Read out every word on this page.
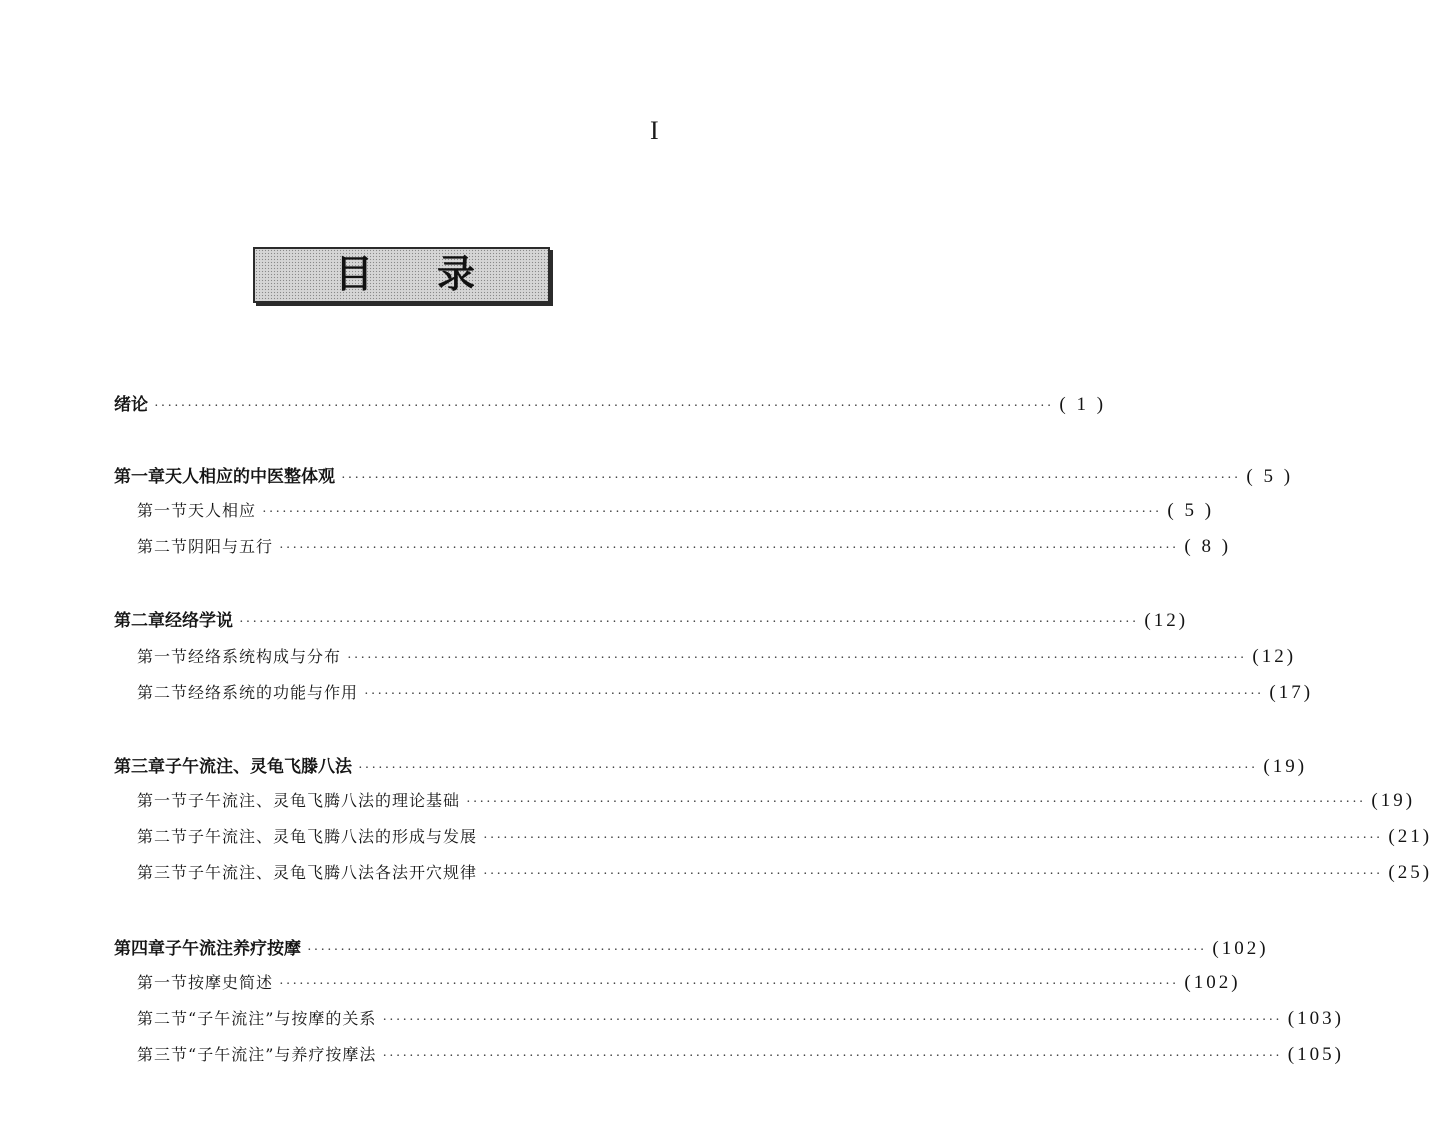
I
目 录
绪论 ······································································································································· ( 1 )
第一章 天人相应的中医整体观 ······································································································································· ( 5 )
第一节 天人相应 ······································································································································· ( 5 )
第二节 阴阳与五行 ······································································································································· ( 8 )
第二章 经络学说 ······································································································································· (12)
第一节 经络系统构成与分布 ······································································································································· (12)
第二节 经络系统的功能与作用 ······································································································································· (17)
第三章 子午流注、灵龟飞滕八法 ······································································································································· (19)
第一节 子午流注、灵龟飞腾八法的理论基础 ······································································································································· (19)
第二节 子午流注、灵龟飞腾八法的形成与发展 ······································································································································· (21)
第三节 子午流注、灵龟飞腾八法各法开穴规律 ······································································································································· (25)
第四章 子午流注养疗按摩 ······································································································································· (102)
第一节 按摩史简述 ······································································································································· (102)
第二节 “子午流注”与按摩的关系 ······································································································································· (103)
第三节 “子午流注”与养疗按摩法 ······································································································································· (105)
